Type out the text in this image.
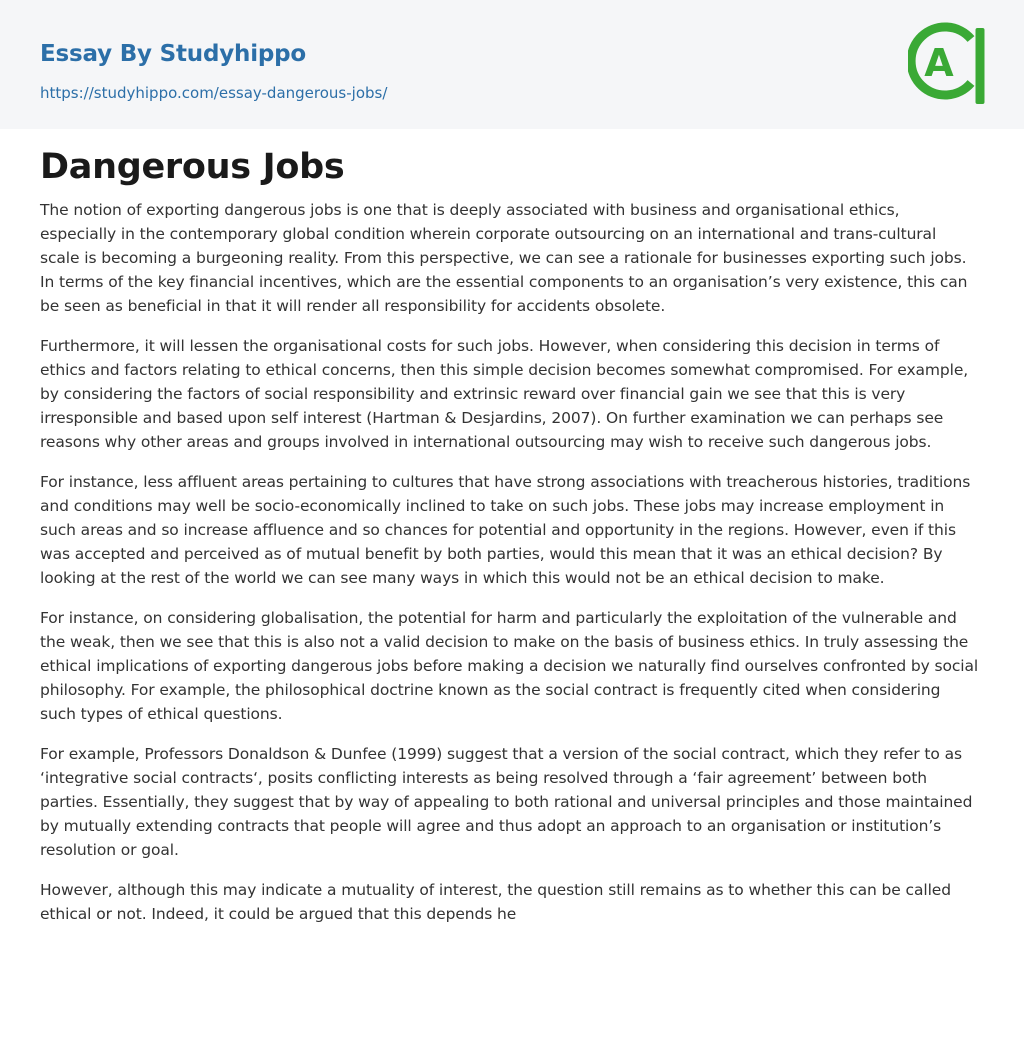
Essay By Studyhippo
https://studyhippo.com/essay-dangerous-jobs/
A
Dangerous Jobs

The notion of exporting dangerous jobs is one that is deeply associated with business and organisational ethics, especially in the contemporary global condition wherein corporate outsourcing on an international and trans-cultural scale is becoming a burgeoning reality. From this perspective, we can see a rationale for businesses exporting such jobs. In terms of the key financial incentives, which are the essential components to an organisation’s very existence, this can be seen as beneficial in that it will render all responsibility for accidents obsolete.

Furthermore, it will lessen the organisational costs for such jobs. However, when considering this decision in terms of ethics and factors relating to ethical concerns, then this simple decision becomes somewhat compromised. For example, by considering the factors of social responsibility and extrinsic reward over financial gain we see that this is very irresponsible and based upon self interest (Hartman & Desjardins, 2007). On further examination we can perhaps see reasons why other areas and groups involved in international outsourcing may wish to receive such dangerous jobs.

For instance, less affluent areas pertaining to cultures that have strong associations with treacherous histories, traditions and conditions may well be socio-economically inclined to take on such jobs. These jobs may increase employment in such areas and so increase affluence and so chances for potential and opportunity in the regions. However, even if this was accepted and perceived as of mutual benefit by both parties, would this mean that it was an ethical decision? By looking at the rest of the world we can see many ways in which this would not be an ethical decision to make.

For instance, on considering globalisation, the potential for harm and particularly the exploitation of the vulnerable and the weak, then we see that this is also not a valid decision to make on the basis of business ethics. In truly assessing the ethical implications of exporting dangerous jobs before making a decision we naturally find ourselves confronted by social philosophy. For example, the philosophical doctrine known as the social contract is frequently cited when considering such types of ethical questions.

For example, Professors Donaldson & Dunfee (1999) suggest that a version of the social contract, which they refer to as ‘integrative social contracts‘, posits conflicting interests as being resolved through a ‘fair agreement’ between both parties. Essentially, they suggest that by way of appealing to both rational and universal principles and those maintained by mutually extending contracts that people will agree and thus adopt an approach to an organisation or institution’s resolution or goal.

However, although this may indicate a mutuality of interest, the question still remains as to whether this can be called ethical or not. Indeed, it could be argued that this depends he
